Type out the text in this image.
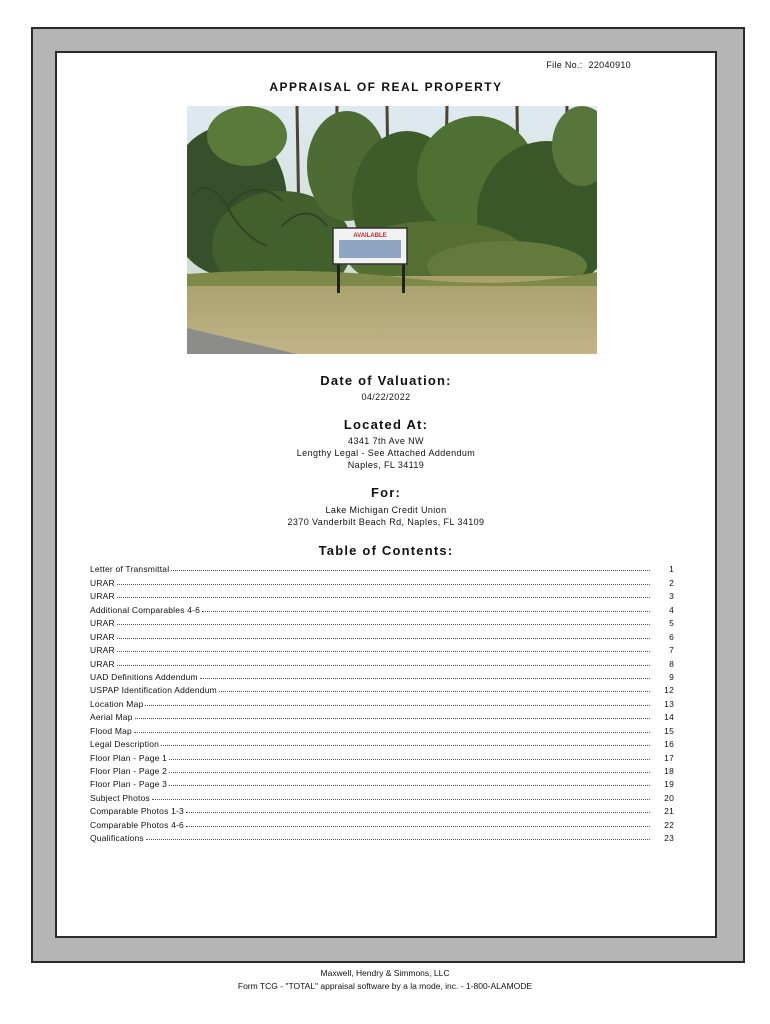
File No.: 22040910
APPRAISAL OF REAL PROPERTY
AVAILABLE
Date of Valuation:
04/22/2022
Located At:
4341 7th Ave NW
Lengthy Legal - See Attached Addendum
Naples, FL 34119
For:
Lake Michigan Credit Union
2370 Vanderbilt Beach Rd, Naples, FL 34109
Table of Contents:
Letter of Transmittal	1
URAR	2
URAR	3
Additional Comparables 4-6	4
URAR	5
URAR	6
URAR	7
URAR	8
UAD Definitions Addendum	9
USPAP Identification Addendum	12
Location Map	13
Aerial Map	14
Flood Map	15
Legal Description	16
Floor Plan - Page 1	17
Floor Plan - Page 2	18
Floor Plan - Page 3	19
Subject Photos	20
Comparable Photos 1-3	21
Comparable Photos 4-6	22
Qualifications	23
Maxwell, Hendry & Simmons, LLC
Form TCG - "TOTAL" appraisal software by a la mode, inc. - 1-800-ALAMODE
